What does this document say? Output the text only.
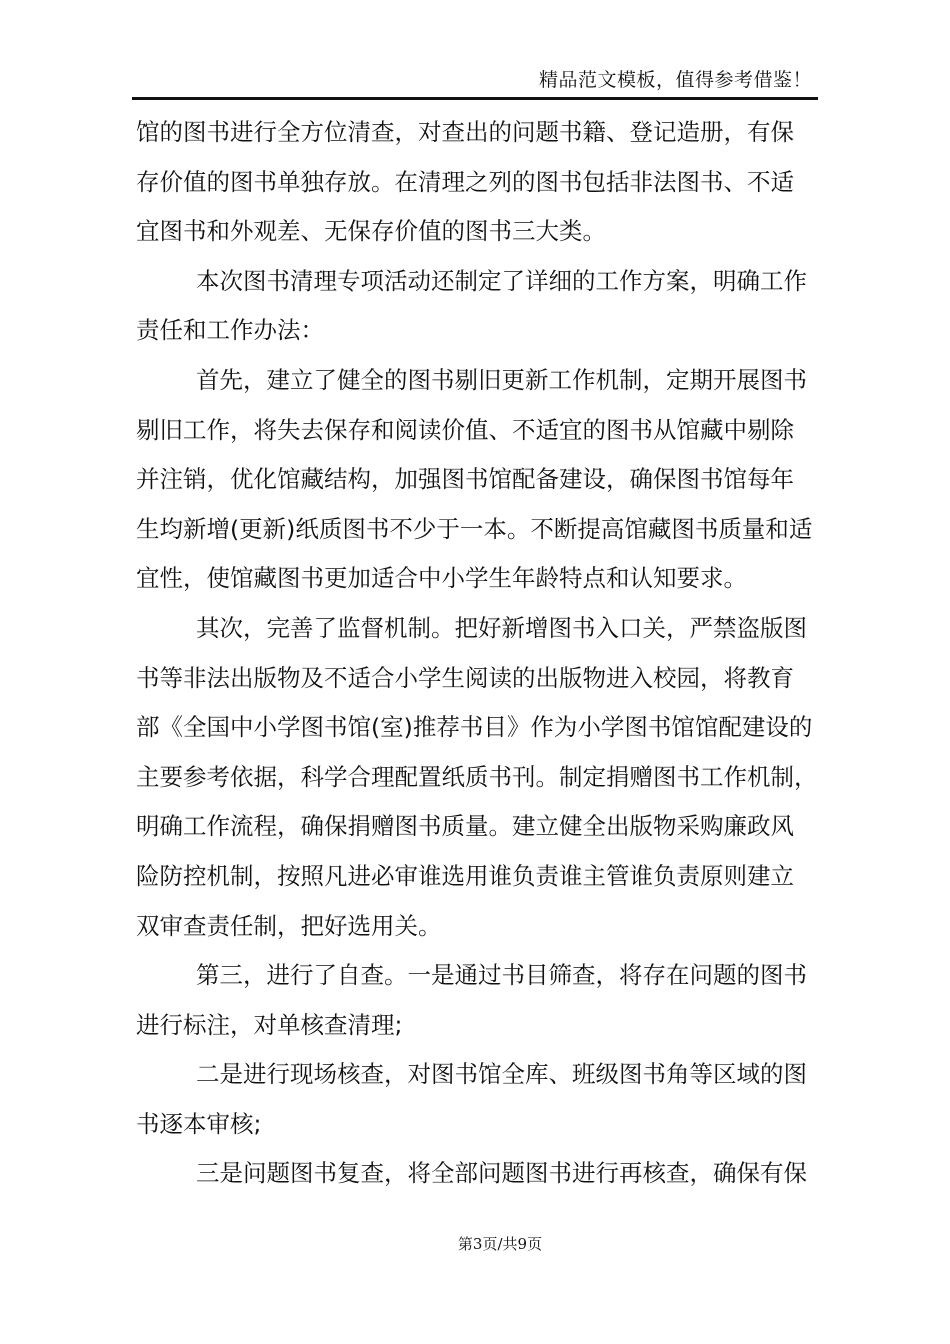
精品范文模板，值得参考借鉴！
馆的图书进行全方位清查，对查出的问题书籍、登记造册，有保
存价值的图书单独存放。在清理之列的图书包括非法图书、不适
宜图书和外观差、无保存价值的图书三大类。
本次图书清理专项活动还制定了详细的工作方案，明确工作
责任和工作办法：
首先，建立了健全的图书剔旧更新工作机制，定期开展图书
剔旧工作，将失去保存和阅读价值、不适宜的图书从馆藏中剔除
并注销，优化馆藏结构，加强图书馆配备建设，确保图书馆每年
生均新增(更新)纸质图书不少于一本。不断提高馆藏图书质量和适
宜性，使馆藏图书更加适合中小学生年龄特点和认知要求。
其次，完善了监督机制。把好新增图书入口关，严禁盗版图
书等非法出版物及不适合小学生阅读的出版物进入校园，将教育
部《全国中小学图书馆(室)推荐书目》作为小学图书馆馆配建设的
主要参考依据，科学合理配置纸质书刊。制定捐赠图书工作机制，
明确工作流程，确保捐赠图书质量。建立健全出版物采购廉政风
险防控机制，按照凡进必审谁选用谁负责谁主管谁负责原则建立
双审查责任制，把好选用关。
第三，进行了自查。一是通过书目筛查，将存在问题的图书
进行标注，对单核查清理;
二是进行现场核查，对图书馆全库、班级图书角等区域的图
书逐本审核;
三是问题图书复查，将全部问题图书进行再核查，确保有保
第3页/共9页
